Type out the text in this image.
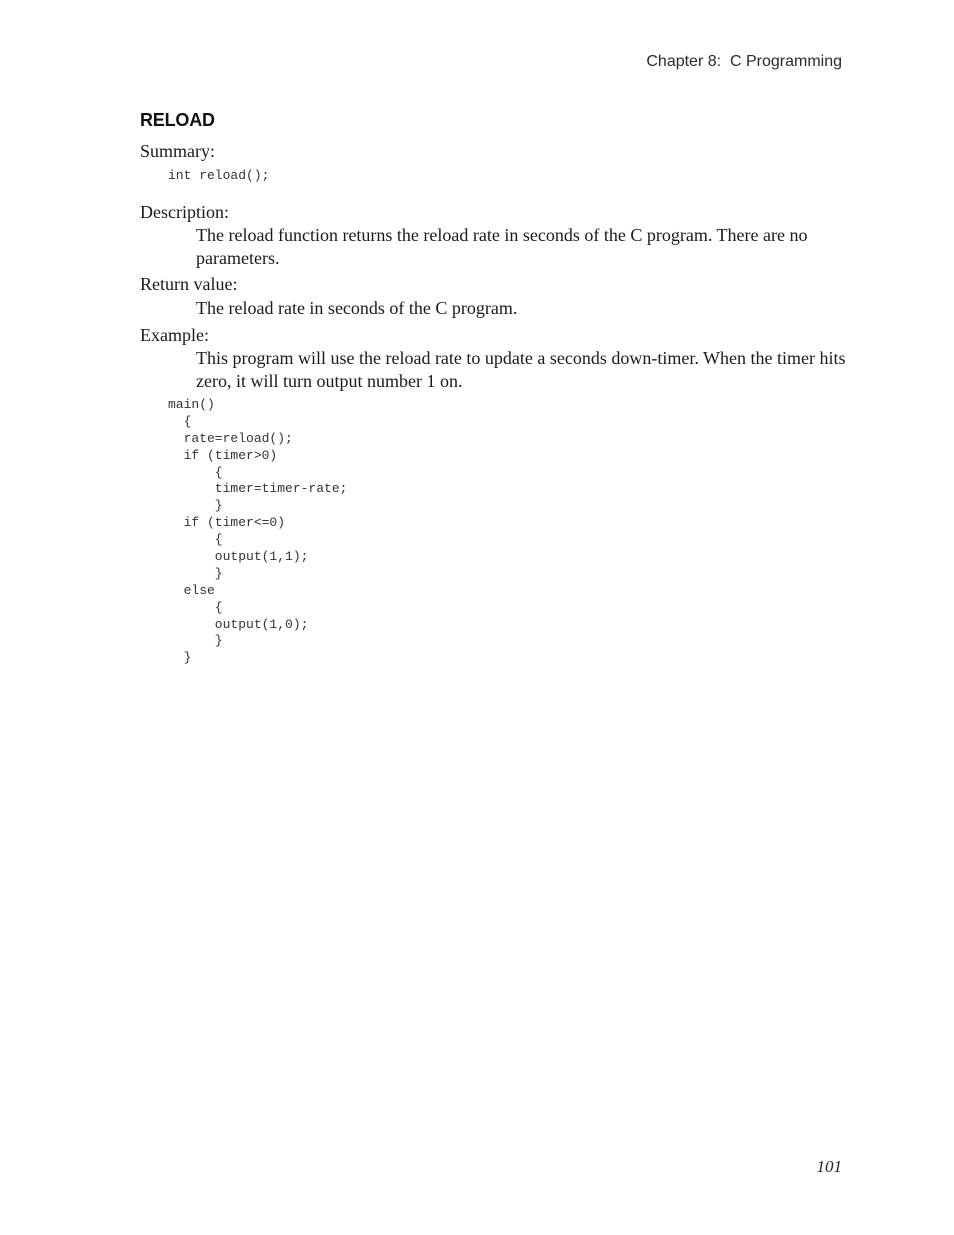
Chapter 8:  C Programming
RELOAD
Summary:
int reload();
Description:
The reload function returns the reload rate in seconds of the C program. There are no parameters.
Return value:
The reload rate in seconds of the C program.
Example:
This program will use the reload rate to update a seconds down-timer. When the timer hits zero, it will turn output number 1 on.
main()
{
rate=reload();
if (timer>0)
{
timer=timer-rate;
}
if (timer<=0)
{
output(1,1);
}
else
{
output(1,0);
}
}
101
